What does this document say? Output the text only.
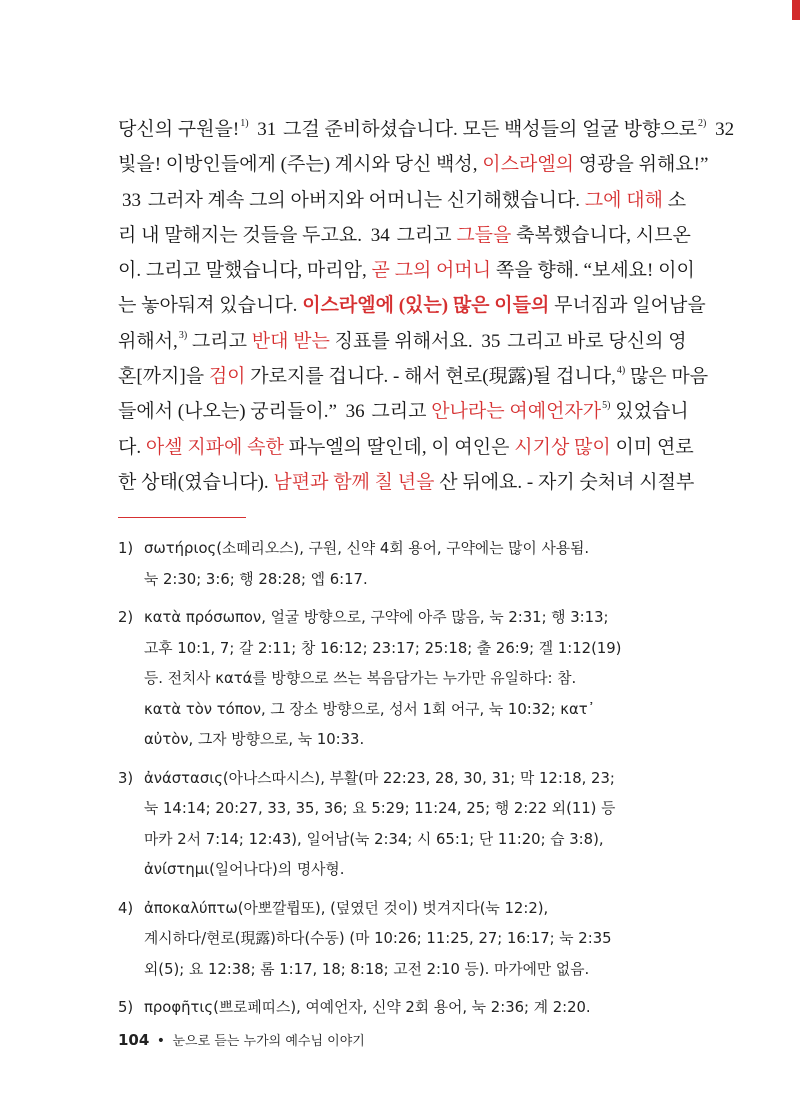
당신의 구원을!$^{1)}$ 31 그걸 준비하셨습니다. 모든 백성들의 얼굴 방향으로$^{2)}$ 32
빛을! 이방인들에게 (주는) 계시와 당신 백성, 이스라엘의 영광을 위해요!”
33 그러자 계속 그의 아버지와 어머니는 신기해했습니다. 그에 대해 소
리 내 말해지는 것들을 두고요. 34 그리고 그들을 축복했습니다, 시므온
이. 그리고 말했습니다, 마리암, 곧 그의 어머니 쪽을 향해. “보세요! 이이
는 놓아둬져 있습니다. 이스라엘에 (있는) 많은 이들의 무너짐과 일어남을
위해서,$^{3)}$ 그리고 반대 받는 징표를 위해서요. 35 그리고 바로 당신의 영
혼[까지]을 검이 가로지를 겁니다. - 해서 현로(現露)될 겁니다,$^{4)}$ 많은 마음
들에서 (나오는) 궁리들이.” 36 그리고 안나라는 여예언자가$^{5)}$ 있었습니
다. 아셀 지파에 속한 파누엘의 딸인데, 이 여인은 시기상 많이 이미 연로
한 상태(였습니다). 남편과 함께 칠 년을 산 뒤에요. - 자기 숫처녀 시절부
1) σωτήριος(소떼리오스), 구원, 신약 4회 용어, 구약에는 많이 사용됨.
눅 2:30; 3:6; 행 28:28; 엡 6:17.
2) κατὰ πρόσωπον, 얼굴 방향으로, 구약에 아주 많음, 눅 2:31; 행 3:13;
고후 10:1, 7; 갈 2:11; 창 16:12; 23:17; 25:18; 출 26:9; 겔 1:12(19)
등. 전치사 κατά를 방향으로 쓰는 복음담가는 누가만 유일하다: 참.
κατὰ τὸν τόπον, 그 장소 방향으로, 성서 1회 어구, 눅 10:32; κατ᾽
αὐτὸν, 그자 방향으로, 눅 10:33.
3) ἀνάστασις(아나스따시스), 부활(마 22:23, 28, 30, 31; 막 12:18, 23;
눅 14:14; 20:27, 33, 35, 36; 요 5:29; 11:24, 25; 행 2:22 외(11) 등
마카 2서 7:14; 12:43), 일어남(눅 2:34; 시 65:1; 단 11:20; 습 3:8),
ἀνίστημι(일어나다)의 명사형.
4) ἀποκαλύπτω(아뽀깔륍또), (덮였던 것이) 벗겨지다(눅 12:2),
계시하다/현로(現露)하다(수동) (마 10:26; 11:25, 27; 16:17; 눅 2:35
외(5); 요 12:38; 롬 1:17, 18; 8:18; 고전 2:10 등). 마가에만 없음.
5) προφῆτις(쁘로페띠스), 여예언자, 신약 2회 용어, 눅 2:36; 계 2:20.
104 • 눈으로 듣는 누가의 예수님 이야기
